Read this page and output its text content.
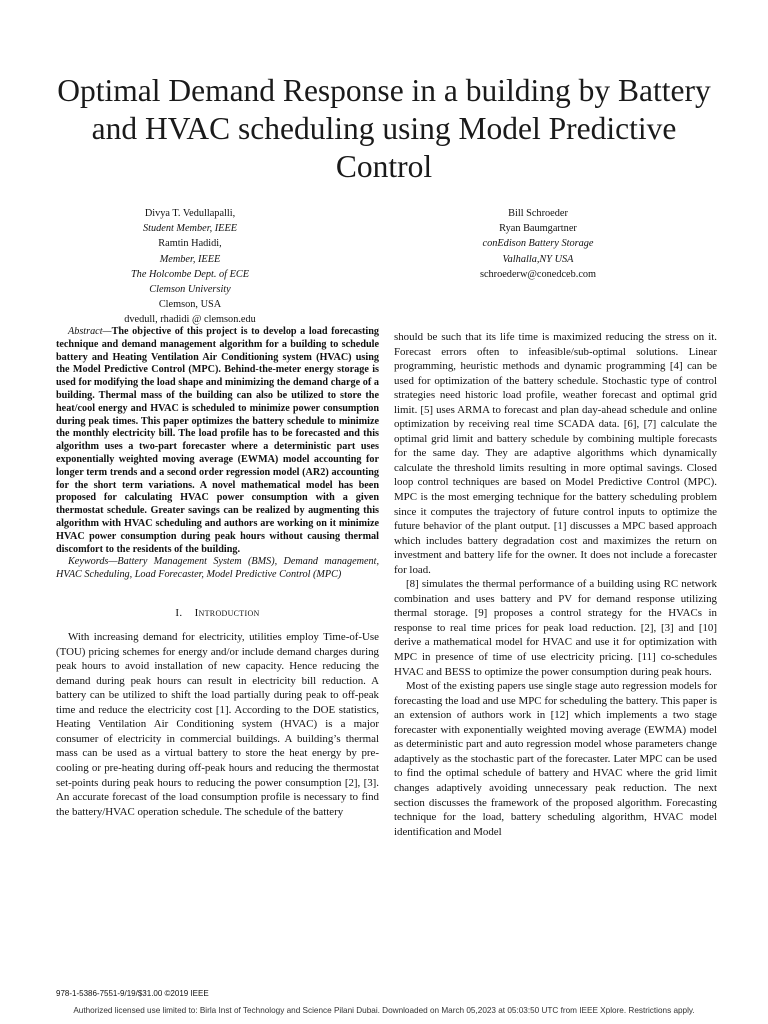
Optimal Demand Response in a building by Battery and HVAC scheduling using Model Predictive Control
Divya T. Vedullapalli,
Student Member, IEEE
Ramtin Hadidi,
Member, IEEE
The Holcombe Dept. of ECE
Clemson University
Clemson, USA
dvedull, rhadidi @ clemson.edu
Bill Schroeder
Ryan Baumgartner
conEdison Battery Storage
Valhalla,NY USA
schroederw@conedceb.com

Abstract—The objective of this project is to develop a load forecasting technique and demand management algorithm for a building to schedule battery and Heating Ventilation Air Conditioning system (HVAC) using the Model Predictive Control (MPC). Behind-the-meter energy storage is used for modifying the load shape and minimizing the demand charge of a building. Thermal mass of the building can also be utilized to store the heat/cool energy and HVAC is scheduled to minimize power consumption during peak times. This paper optimizes the battery schedule to minimize the monthly electricity bill. The load profile has to be forecasted and this algorithm uses a two-part forecaster where a deterministic part uses exponentially weighted moving average (EWMA) model accounting for longer term trends and a second order regression model (AR2) accounting for the short term variations. A novel mathematical model has been proposed for calculating HVAC power consumption with a given thermostat schedule. Greater savings can be realized by augmenting this algorithm with HVAC scheduling and authors are working on it minimize HVAC power consumption during peak hours without causing thermal discomfort to the residents of the building.

Keywords—Battery Management System (BMS), Demand management, HVAC Scheduling, Load Forecaster, Model Predictive Control (MPC)

I. Introduction

With increasing demand for electricity, utilities employ Time-of-Use (TOU) pricing schemes for energy and/or include demand charges during peak hours to avoid installation of new capacity. Hence reducing the demand during peak hours can result in electricity bill reduction. A battery can be utilized to shift the load partially during peak to off-peak time and reduce the electricity cost [1]. According to the DOE statistics, Heating Ventilation Air Conditioning system (HVAC) is a major consumer of electricity in commercial buildings. A building’s thermal mass can be used as a virtual battery to store the heat energy by pre-cooling or pre-heating during off-peak hours and reducing the thermostat set-points during peak hours to reducing the power consumption [2], [3]. An accurate forecast of the load consumption profile is necessary to find the battery/HVAC operation schedule. The schedule of the battery

should be such that its life time is maximized reducing the stress on it. Forecast errors often to infeasible/sub-optimal solutions. Linear programming, heuristic methods and dynamic programming [4] can be used for optimization of the battery schedule. Stochastic type of control strategies need historic load profile, weather forecast and optimal grid limit. [5] uses ARMA to forecast and plan day-ahead schedule and online optimization by receiving real time SCADA data. [6], [7] calculate the optimal grid limit and battery schedule by combining multiple forecasts for the same day. They are adaptive algorithms which dynamically calculate the threshold limits resulting in more optimal savings. Closed loop control techniques are based on Model Predictive Control (MPC). MPC is the most emerging technique for the battery scheduling problem since it computes the trajectory of future control inputs to optimize the future behavior of the plant output. [1] discusses a MPC based approach which includes battery degradation cost and maximizes the return on investment and battery life for the owner. It does not include a forecaster for load.

[8] simulates the thermal performance of a building using RC network combination and uses battery and PV for demand response utilizing thermal storage. [9] proposes a control strategy for the HVACs in response to real time prices for peak load reduction. [2], [3] and [10] derive a mathematical model for HVAC and use it for optimization with MPC in presence of time of use electricity pricing. [11] co-schedules HVAC and BESS to optimize the power consumption during peak hours.

Most of the existing papers use single stage auto regression models for forecasting the load and use MPC for scheduling the battery. This paper is an extension of authors work in [12] which implements a two stage forecaster with exponentially weighted moving average (EWMA) model as deterministic part and auto regression model whose parameters change adaptively as the stochastic part of the forecaster. Later MPC can be used to find the optimal schedule of battery and HVAC where the grid limit changes adaptively avoiding unnecessary peak reduction. The next section discusses the framework of the proposed algorithm. Forecasting technique for the load, battery scheduling algorithm, HVAC model identification and Model

978-1-5386-7551-9/19/$31.00 ©2019 IEEE
Authorized licensed use limited to: Birla Inst of Technology and Science Pilani Dubai. Downloaded on March 05,2023 at 05:03:50 UTC from IEEE Xplore. Restrictions apply.
